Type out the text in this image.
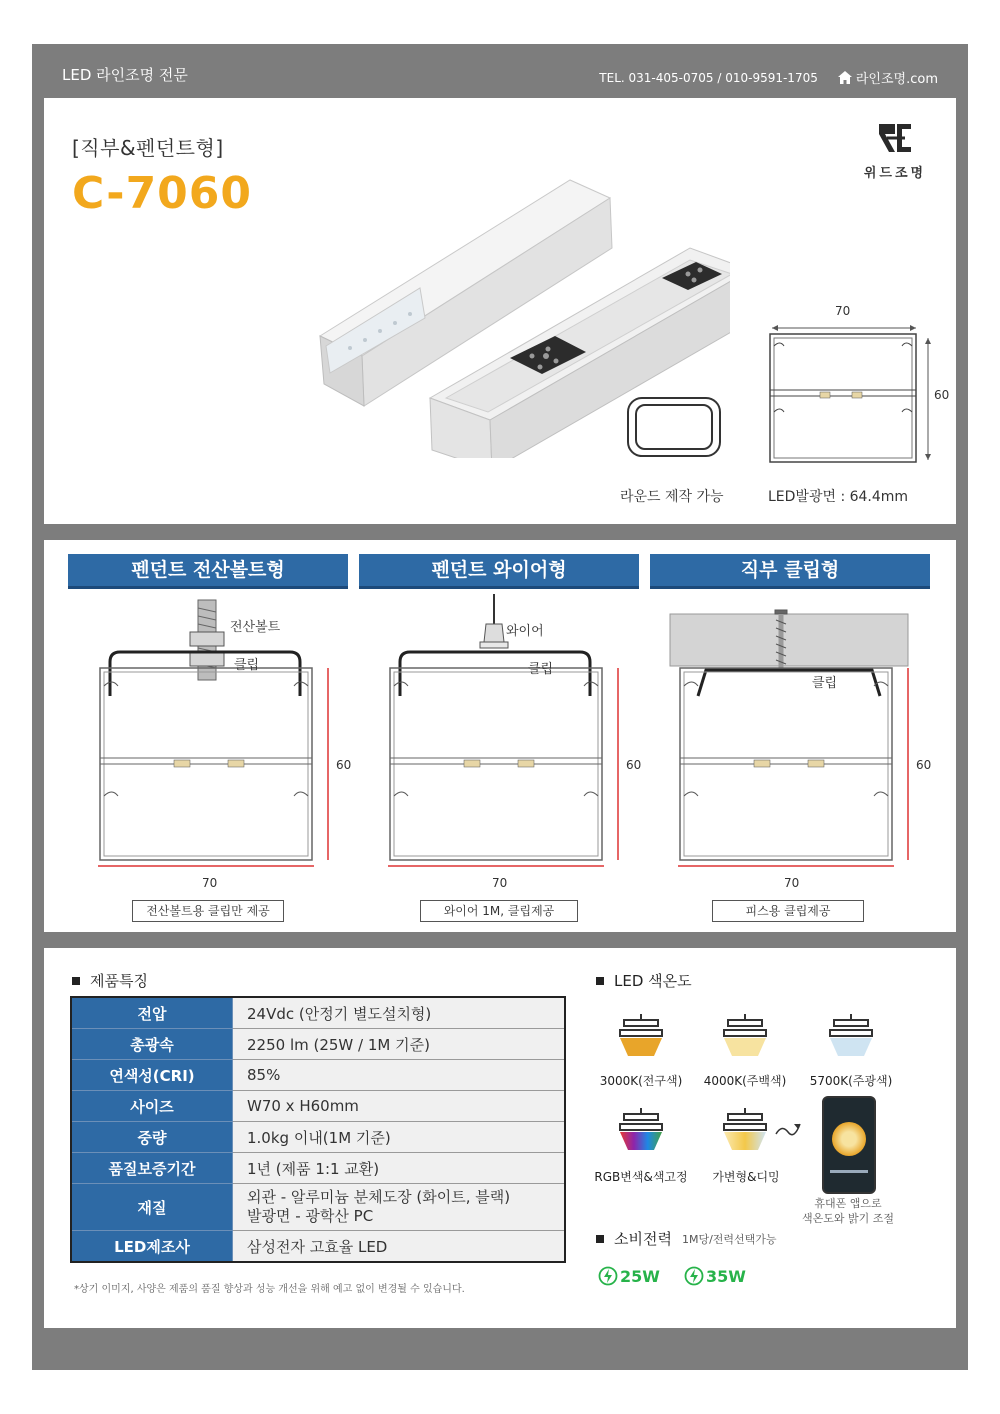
LED 라인조명 전문	TEL. 031-405-0705 / 010-9591-1705	라인조명.com
[직부&펜던트형]
C-7060	위드조명
라운드 제작 가능
70
60
LED발광면 : 64.4mm
펜던트 전산볼트형	펜던트 와이어형	직부 클립형
전산볼트
클립
60
70
전산볼트용 클립만 제공
와이어
클립
60
70
와이어 1M, 클립제공
클립
60
70
피스용 클립제공
제품특징
전압	24Vdc (안정기 별도설치형)
총광속	2250 lm (25W / 1M 기준)
연색성(CRI)	85%
사이즈	W70 x H60mm
중량	1.0kg 이내(1M 기준)
품질보증기간	1년 (제품 1:1 교환)
재질	외관 - 알루미늄 분체도장 (화이트, 블랙)
발광면 - 광학산 PC

LED제조사	삼성전자 고효율 LED
*상기 이미지, 사양은 제품의 품질 향상과 성능 개선을 위해 예고 없이 변경될 수 있습니다.
LED 색온도
3000K(전구색)	4000K(주백색)	5700K(주광색)
RGB변색&색고정	가변형&디밍
휴대폰 앱으로
색온도와 밝기 조절
소비전력 1M당/전력선택가능
25W	35W
